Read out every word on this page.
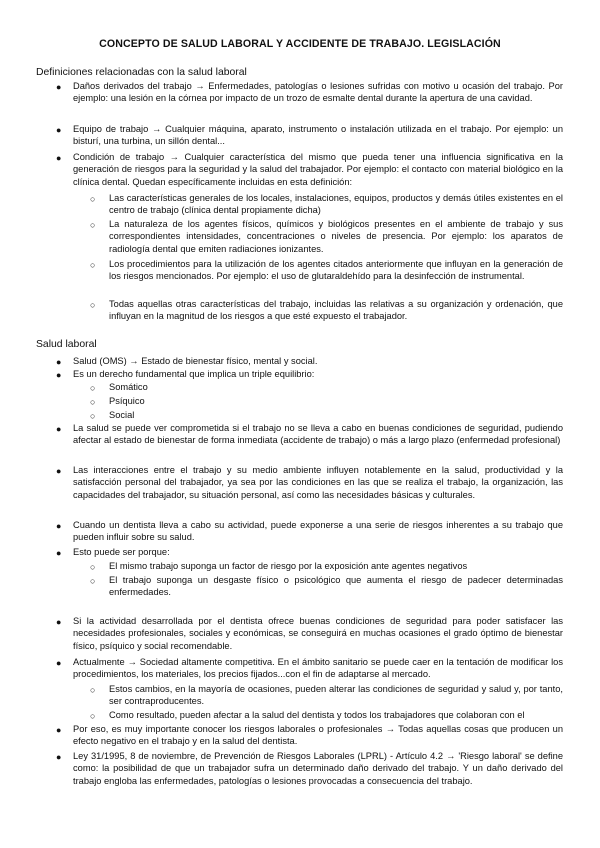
CONCEPTO DE SALUD LABORAL Y ACCIDENTE DE TRABAJO. LEGISLACIÓN
Definiciones relacionadas con la salud laboral
● Daños derivados del trabajo → Enfermedades, patologías o lesiones sufridas con motivo u ocasión del trabajo. Por ejemplo: una lesión en la córnea por impacto de un trozo de esmalte dental durante la apertura de una cavidad.
● Equipo de trabajo → Cualquier máquina, aparato, instrumento o instalación utilizada en el trabajo. Por ejemplo: un bisturí, una turbina, un sillón dental...
● Condición de trabajo → Cualquier característica del mismo que pueda tener una influencia significativa en la generación de riesgos para la seguridad y la salud del trabajador. Por ejemplo: el contacto con material biológico en la clínica dental. Quedan específicamente incluidas en esta definición:
○ Las características generales de los locales, instalaciones, equipos, productos y demás útiles existentes en el centro de trabajo (clínica dental propiamente dicha)
○ La naturaleza de los agentes físicos, químicos y biológicos presentes en el ambiente de trabajo y sus correspondientes intensidades, concentraciones o niveles de presencia. Por ejemplo: los aparatos de radiología dental que emiten radiaciones ionizantes.
○ Los procedimientos para la utilización de los agentes citados anteriormente que influyan en la generación de los riesgos mencionados. Por ejemplo: el uso de glutaraldehído para la desinfección de instrumental.
○ Todas aquellas otras características del trabajo, incluidas las relativas a su organización y ordenación, que influyan en la magnitud de los riesgos a que esté expuesto el trabajador.
Salud laboral
● Salud (OMS) → Estado de bienestar físico, mental y social.
● Es un derecho fundamental que implica un triple equilibrio:
○ Somático
○ Psíquico
○ Social
● La salud se puede ver comprometida si el trabajo no se lleva a cabo en buenas condiciones de seguridad, pudiendo afectar al estado de bienestar de forma inmediata (accidente de trabajo) o más a largo plazo (enfermedad profesional)
● Las interacciones entre el trabajo y su medio ambiente influyen notablemente en la salud, productividad y la satisfacción personal del trabajador, ya sea por las condiciones en las que se realiza el trabajo, la organización, las capacidades del trabajador, su situación personal, así como las necesidades básicas y culturales.
● Cuando un dentista lleva a cabo su actividad, puede exponerse a una serie de riesgos inherentes a su trabajo que pueden influir sobre su salud.
● Esto puede ser porque:
○ El mismo trabajo suponga un factor de riesgo por la exposición ante agentes negativos
○ El trabajo suponga un desgaste físico o psicológico que aumenta el riesgo de padecer determinadas enfermedades.
● Si la actividad desarrollada por el dentista ofrece buenas condiciones de seguridad para poder satisfacer las necesidades profesionales, sociales y económicas, se conseguirá en muchas ocasiones el grado óptimo de bienestar físico, psíquico y social recomendable.
● Actualmente → Sociedad altamente competitiva. En el ámbito sanitario se puede caer en la tentación de modificar los procedimientos, los materiales, los precios fijados...con el fin de adaptarse al mercado.
○ Estos cambios, en la mayoría de ocasiones, pueden alterar las condiciones de seguridad y salud y, por tanto, ser contraproducentes.
○ Como resultado, pueden afectar a la salud del dentista y todos los trabajadores que colaboran con el
● Por eso, es muy importante conocer los riesgos laborales o profesionales → Todas aquellas cosas que producen un efecto negativo en el trabajo y en la salud del dentista.
● Ley 31/1995, 8 de noviembre, de Prevención de Riesgos Laborales (LPRL) - Artículo 4.2 → 'Riesgo laboral' se define como: la posibilidad de que un trabajador sufra un determinado daño derivado del trabajo. Y un daño derivado del trabajo engloba las enfermedades, patologías o lesiones provocadas a consecuencia del trabajo.
